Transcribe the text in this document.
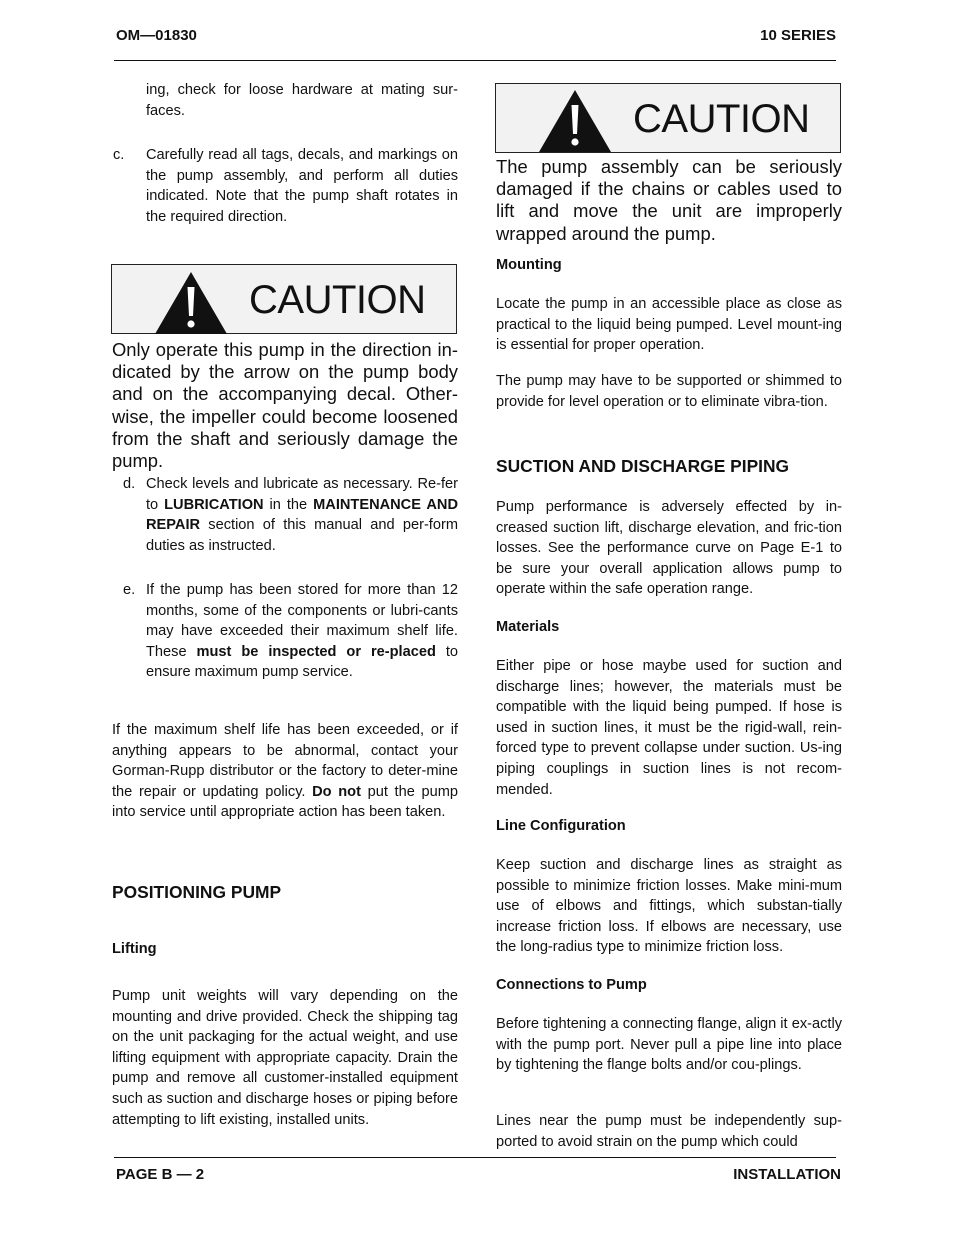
OM—01830	10 SERIES

ing, check for loose hardware at mating sur-faces.

c. Carefully read all tags, decals, and markings on the pump assembly, and perform all duties indicated. Note that the pump shaft rotates in the required direction.
CAUTION

Only operate this pump in the direction in-dicated by the arrow on the pump body and on the accompanying decal. Other-wise, the impeller could become loosened from the shaft and seriously damage the pump.

d. Check levels and lubricate as necessary. Re-fer to LUBRICATION in the MAINTENANCE AND REPAIR section of this manual and per-form duties as instructed.
e. If the pump has been stored for more than 12 months, some of the components or lubri-cants may have exceeded their maximum shelf life. These must be inspected or re-placed to ensure maximum pump service.

If the maximum shelf life has been exceeded, or if anything appears to be abnormal, contact your Gorman-Rupp distributor or the factory to deter-mine the repair or updating policy. Do not put the pump into service until appropriate action has been taken.

POSITIONING PUMP

Lifting

Pump unit weights will vary depending on the mounting and drive provided. Check the shipping tag on the unit packaging for the actual weight, and use lifting equipment with appropriate capacity. Drain the pump and remove all customer-installed equipment such as suction and discharge hoses or piping before attempting to lift existing, installed units.

CAUTION

The pump assembly can be seriously damaged if the chains or cables used to lift and move the unit are improperly wrapped around the pump.

Mounting

Locate the pump in an accessible place as close as practical to the liquid being pumped. Level mount-ing is essential for proper operation.

The pump may have to be supported or shimmed to provide for level operation or to eliminate vibra-tion.

SUCTION AND DISCHARGE PIPING

Pump performance is adversely effected by in-creased suction lift, discharge elevation, and fric-tion losses. See the performance curve on Page E-1 to be sure your overall application allows pump to operate within the safe operation range.

Materials

Either pipe or hose maybe used for suction and discharge lines; however, the materials must be compatible with the liquid being pumped. If hose is used in suction lines, it must be the rigid-wall, rein-forced type to prevent collapse under suction. Us-ing piping couplings in suction lines is not recom-mended.

Line Configuration

Keep suction and discharge lines as straight as possible to minimize friction losses. Make mini-mum use of elbows and fittings, which substan-tially increase friction loss. If elbows are necessary, use the long-radius type to minimize friction loss.

Connections to Pump

Before tightening a connecting flange, align it ex-actly with the pump port. Never pull a pipe line into place by tightening the flange bolts and/or cou-plings.

Lines near the pump must be independently sup-ported to avoid strain on the pump which could

PAGE B — 2	INSTALLATION
